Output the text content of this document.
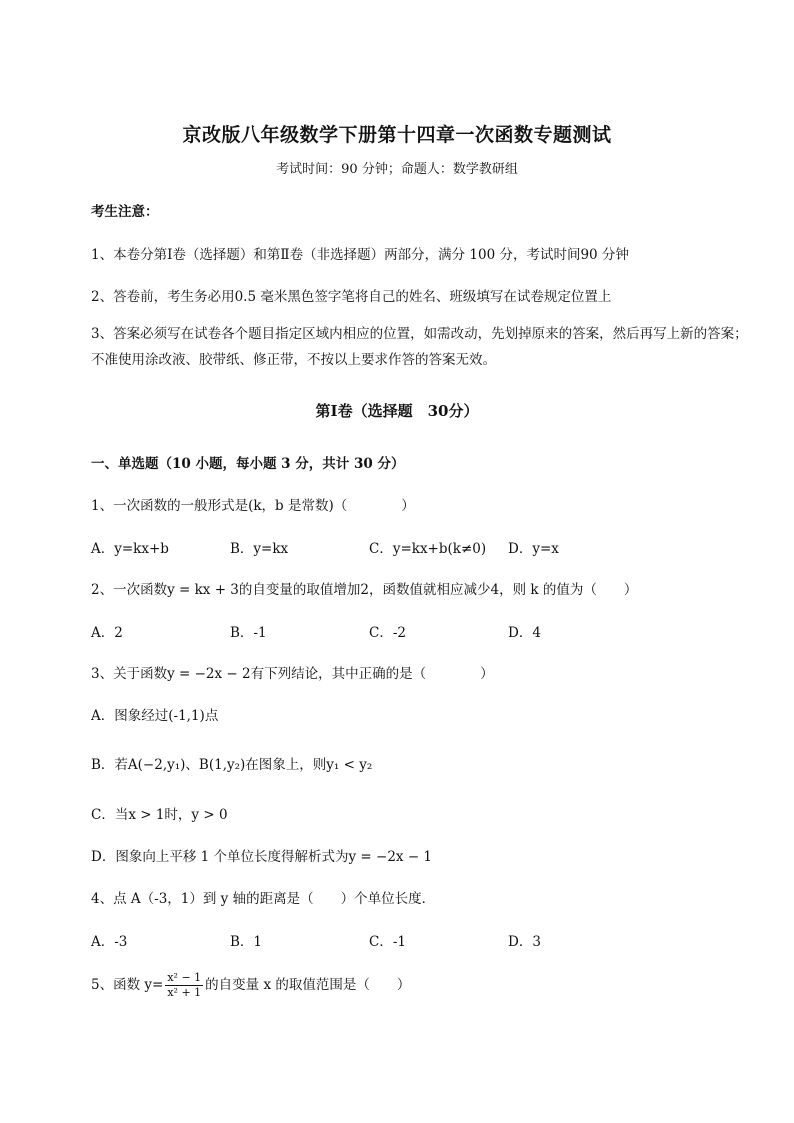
京改版八年级数学下册第十四章一次函数专题测试
考试时间：90 分钟；命题人：数学教研组
考生注意：
1、本卷分第Ⅰ卷（选择题）和第Ⅱ卷（非选择题）两部分，满分 100 分，考试时间90 分钟
2、答卷前，考生务必用0.5 毫米黑色签字笔将自己的姓名、班级填写在试卷规定位置上
3、答案必须写在试卷各个题目指定区域内相应的位置，如需改动，先划掉原来的答案，然后再写上新的答案；不准使用涂改液、胶带纸、修正带，不按以上要求作答的答案无效。
第Ⅰ卷（选择题　30分）
一、单选题（10 小题，每小题 3 分，共计 30 分）
1、一次函数的一般形式是(k，b 是常数)（　　　　）
A．y=kx+b	B．y=kx	C．y=kx+b(k≠0) D．y=x
2、一次函数y = kx + 3的自变量的取值增加2，函数值就相应减少4，则 k 的值为（　　）
A．2	B．-1	C．-2	D．4
3、关于函数y = −2x − 2有下列结论，其中正确的是（　　　　）
A．图象经过(-1,1)点
B．若A(−2,y₁)、B(1,y₂)在图象上，则y₁ < y₂
C．当x > 1时，y > 0
D．图象向上平移 1 个单位长度得解析式为y = −2x − 1
4、点 A（-3，1）到 y 轴的距离是（　　）个单位长度．
A．-3	B．1	C．-1	D．3
5、函数 $y= \frac{\text{x² − 1}}{\text{x² + 1}}$ 的自变量 x 的取值范围是（　　）
